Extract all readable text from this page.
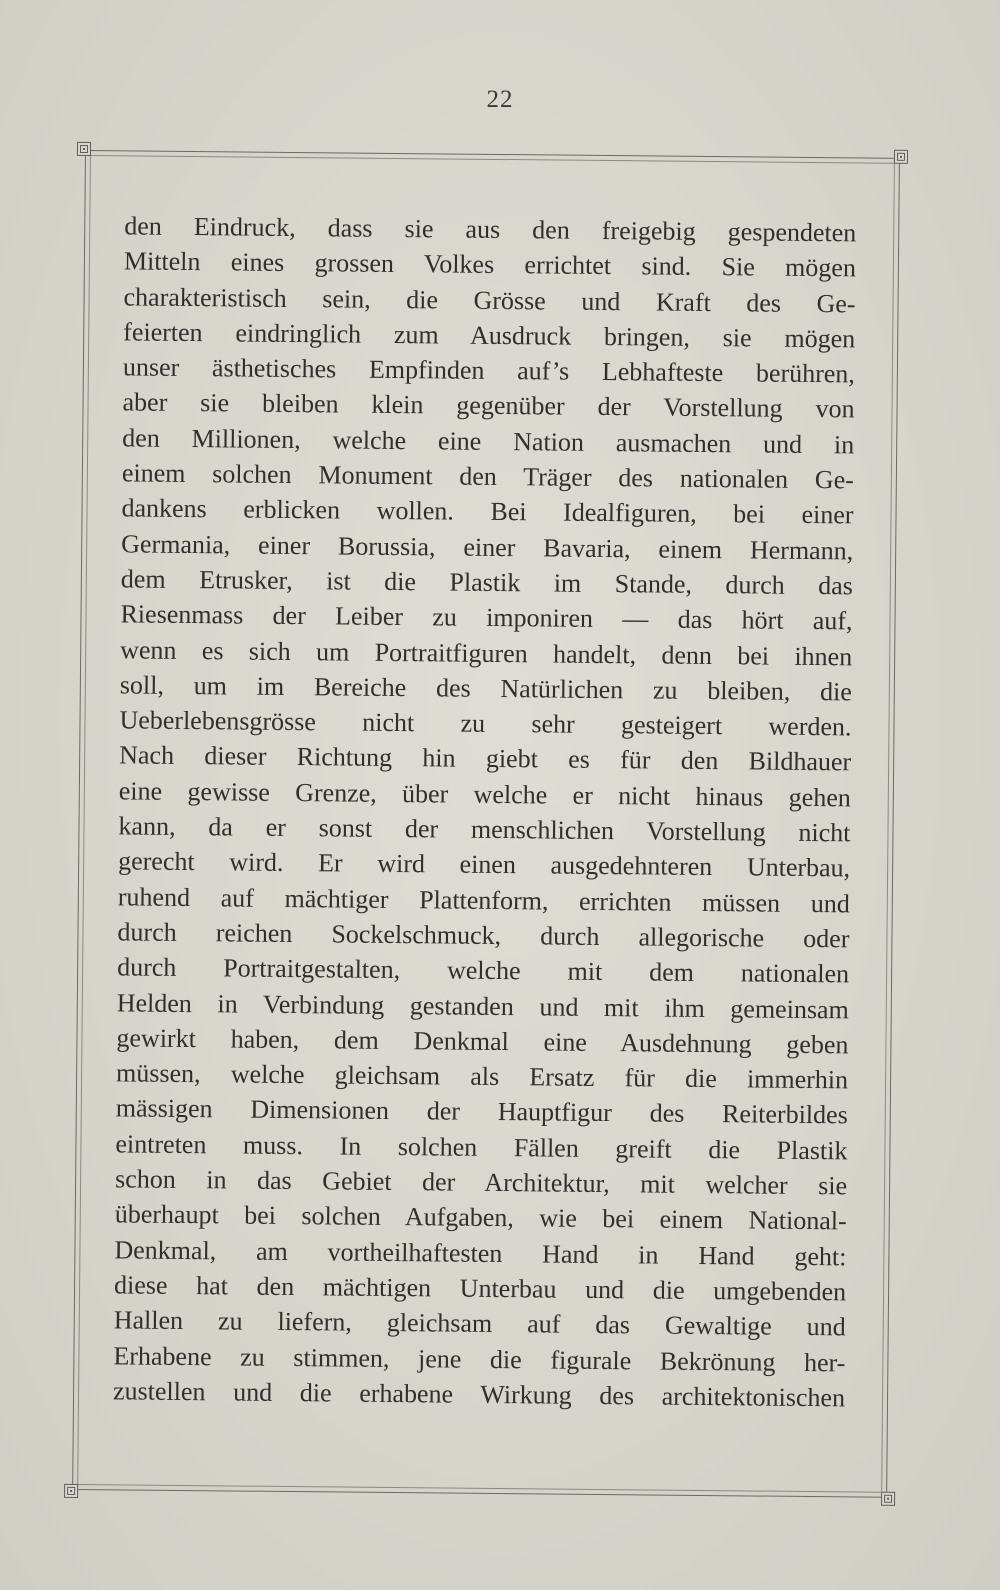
22
den Eindruck, dass sie aus den freigebig gespendeten
Mitteln eines grossen Volkes errichtet sind. Sie mögen
charakteristisch sein, die Grösse und Kraft des Ge-
feierten eindringlich zum Ausdruck bringen, sie mögen
unser ästhetisches Empfinden auf’s Lebhafteste berühren,
aber sie bleiben klein gegenüber der Vorstellung von
den Millionen, welche eine Nation ausmachen und in
einem solchen Monument den Träger des nationalen Ge-
dankens erblicken wollen. Bei Idealfiguren, bei einer
Germania, einer Borussia, einer Bavaria, einem Hermann,
dem Etrusker, ist die Plastik im Stande, durch das
Riesenmass der Leiber zu imponiren — das hört auf,
wenn es sich um Portraitfiguren handelt, denn bei ihnen
soll, um im Bereiche des Natürlichen zu bleiben, die
Ueberlebensgrösse nicht zu sehr gesteigert werden.
Nach dieser Richtung hin giebt es für den Bildhauer
eine gewisse Grenze, über welche er nicht hinaus gehen
kann, da er sonst der menschlichen Vorstellung nicht
gerecht wird. Er wird einen ausgedehnteren Unterbau,
ruhend auf mächtiger Plattenform, errichten müssen und
durch reichen Sockelschmuck, durch allegorische oder
durch Portraitgestalten, welche mit dem nationalen
Helden in Verbindung gestanden und mit ihm gemeinsam
gewirkt haben, dem Denkmal eine Ausdehnung geben
müssen, welche gleichsam als Ersatz für die immerhin
mässigen Dimensionen der Hauptfigur des Reiterbildes
eintreten muss. In solchen Fällen greift die Plastik
schon in das Gebiet der Architektur, mit welcher sie
überhaupt bei solchen Aufgaben, wie bei einem National-
Denkmal, am vortheilhaftesten Hand in Hand geht:
diese hat den mächtigen Unterbau und die umgebenden
Hallen zu liefern, gleichsam auf das Gewaltige und
Erhabene zu stimmen, jene die figurale Bekrönung her-
zustellen und die erhabene Wirkung des architektonischen
